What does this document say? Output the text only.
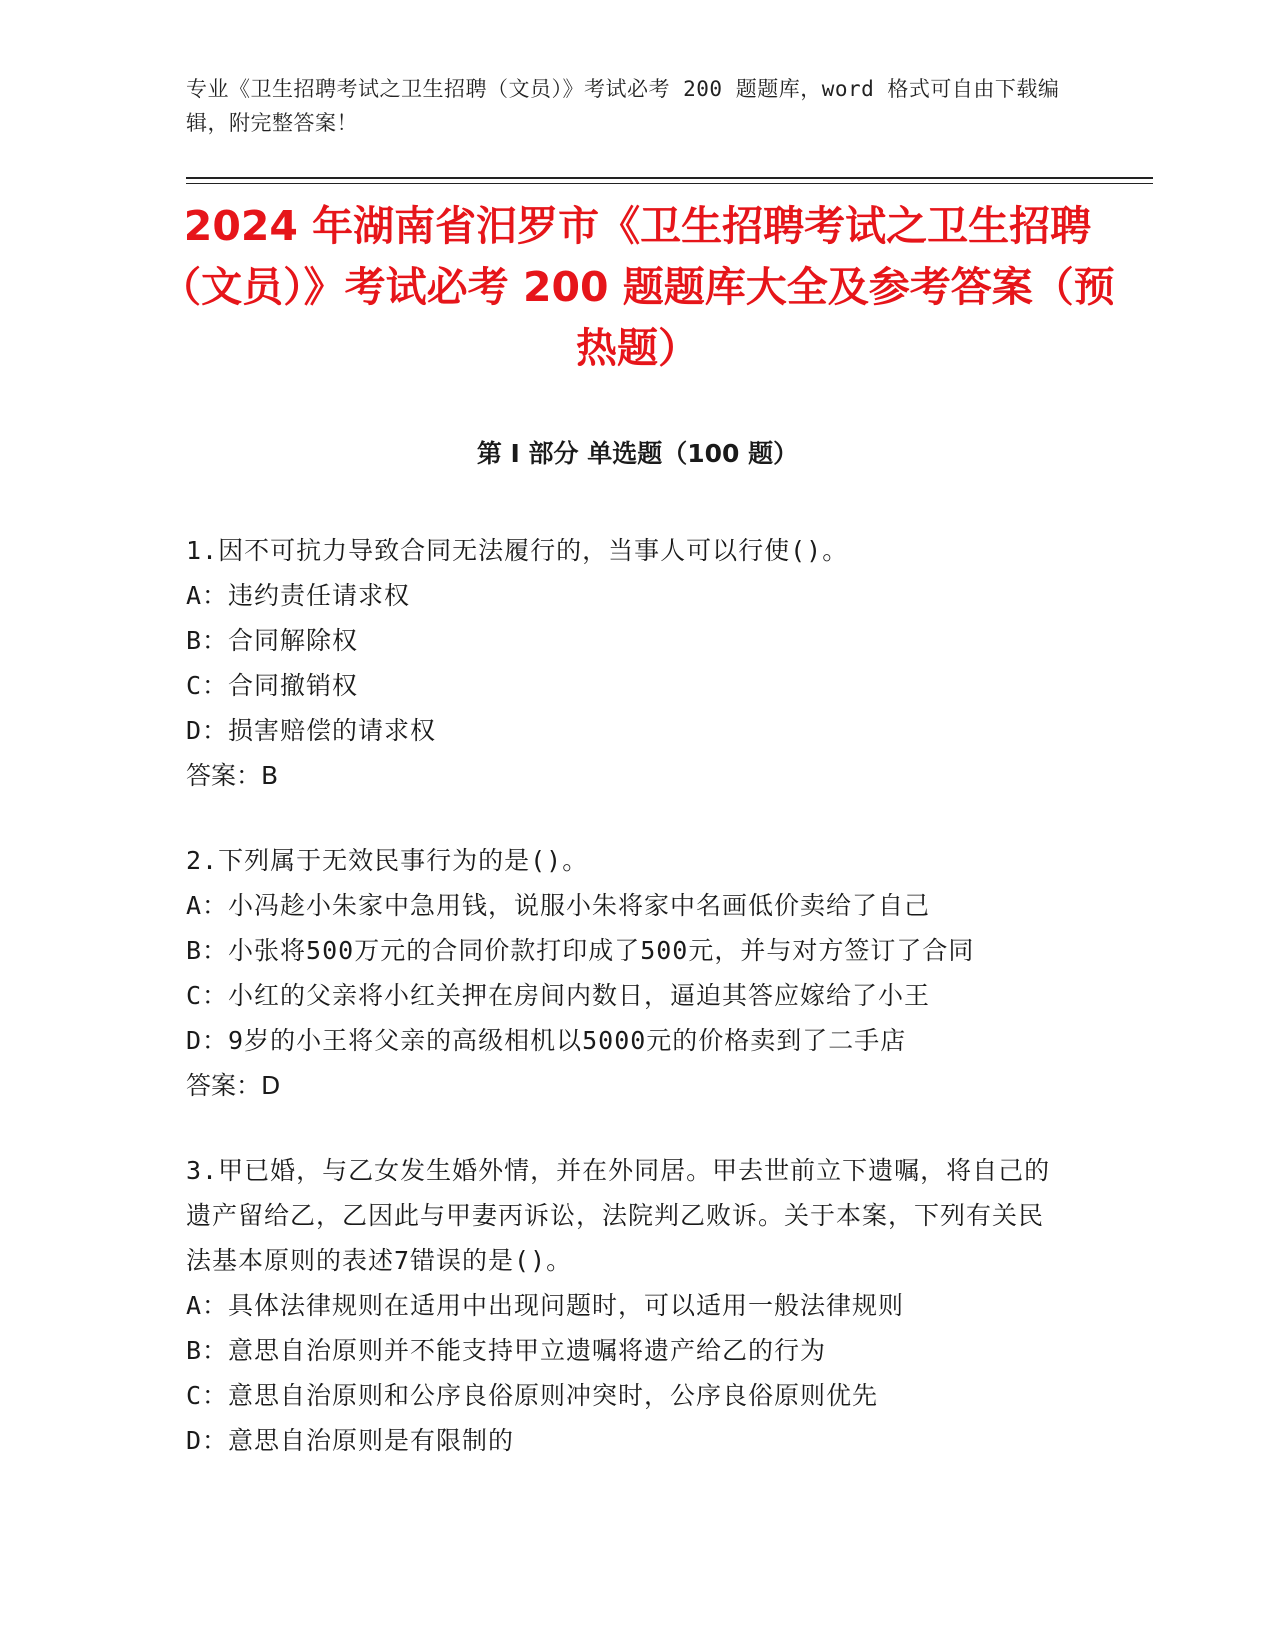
专业《卫生招聘考试之卫生招聘（文员）》考试必考 200 题题库，word 格式可自由下载编辑，附完整答案！
2024 年湖南省汨罗市《卫生招聘考试之卫生招聘（文员）》考试必考 200 题题库大全及参考答案（预热题）
第 I 部分 单选题（100 题）
1.因不可抗力导致合同无法履行的，当事人可以行使()。
A：违约责任请求权
B：合同解除权
C：合同撤销权
D：损害赔偿的请求权
答案：B
2.下列属于无效民事行为的是()。
A：小冯趁小朱家中急用钱，说服小朱将家中名画低价卖给了自己
B：小张将500万元的合同价款打印成了500元，并与对方签订了合同
C：小红的父亲将小红关押在房间内数日，逼迫其答应嫁给了小王
D：9岁的小王将父亲的高级相机以5000元的价格卖到了二手店
答案：D
3.甲已婚，与乙女发生婚外情，并在外同居。甲去世前立下遗嘱，将自己的遗产留给乙，乙因此与甲妻丙诉讼，法院判乙败诉。关于本案，下列有关民法基本原则的表述7错误的是()。
A：具体法律规则在适用中出现问题时，可以适用一般法律规则
B：意思自治原则并不能支持甲立遗嘱将遗产给乙的行为
C：意思自治原则和公序良俗原则冲突时，公序良俗原则优先
D：意思自治原则是有限制的
